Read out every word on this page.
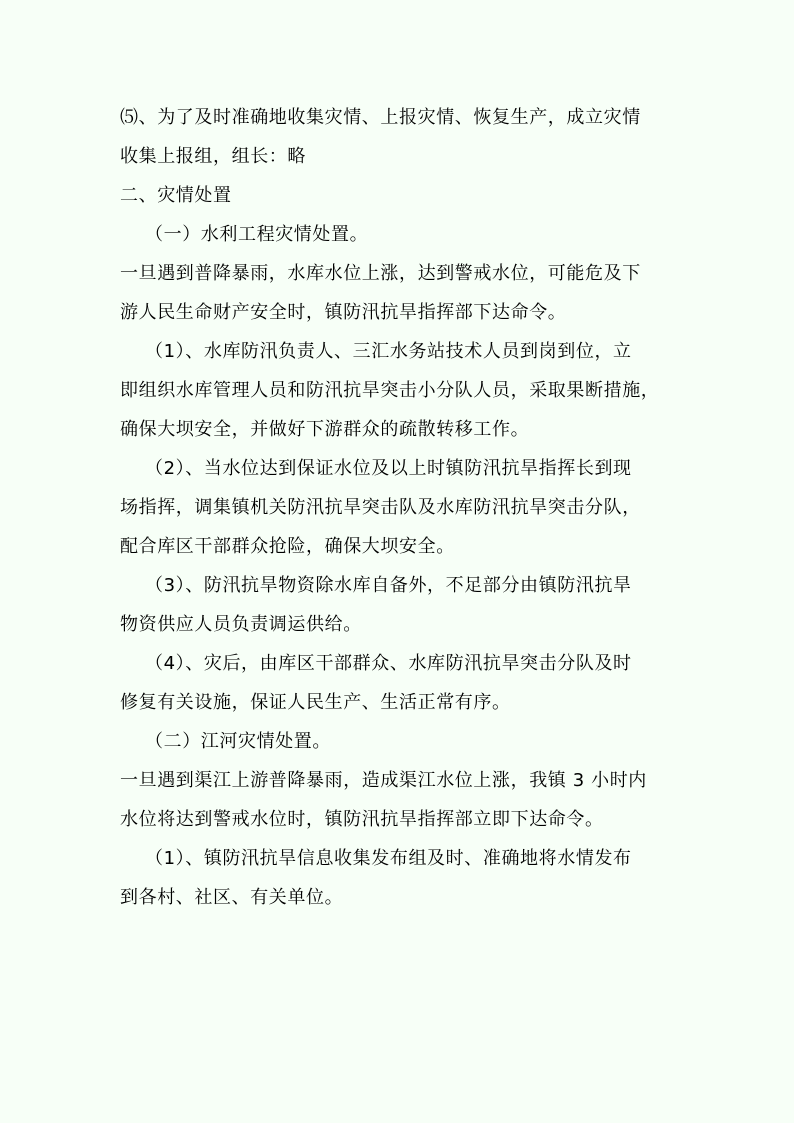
⑸、为了及时准确地收集灾情、上报灾情、恢复生产，成立灾情
收集上报组，组长：略
二、灾情处置
（一）水利工程灾情处置。
一旦遇到普降暴雨，水库水位上涨，达到警戒水位，可能危及下
游人民生命财产安全时，镇防汛抗旱指挥部下达命令。
（1）、水库防汛负责人、三汇水务站技术人员到岗到位，立
即组织水库管理人员和防汛抗旱突击小分队人员，采取果断措施，
确保大坝安全，并做好下游群众的疏散转移工作。
（2）、当水位达到保证水位及以上时镇防汛抗旱指挥长到现
场指挥，调集镇机关防汛抗旱突击队及水库防汛抗旱突击分队，
配合库区干部群众抢险，确保大坝安全。
（3）、防汛抗旱物资除水库自备外，不足部分由镇防汛抗旱
物资供应人员负责调运供给。
（4）、灾后，由库区干部群众、水库防汛抗旱突击分队及时
修复有关设施，保证人民生产、生活正常有序。
（二）江河灾情处置。
一旦遇到渠江上游普降暴雨，造成渠江水位上涨，我镇 3 小时内
水位将达到警戒水位时，镇防汛抗旱指挥部立即下达命令。
（1）、镇防汛抗旱信息收集发布组及时、准确地将水情发布
到各村、社区、有关单位。
